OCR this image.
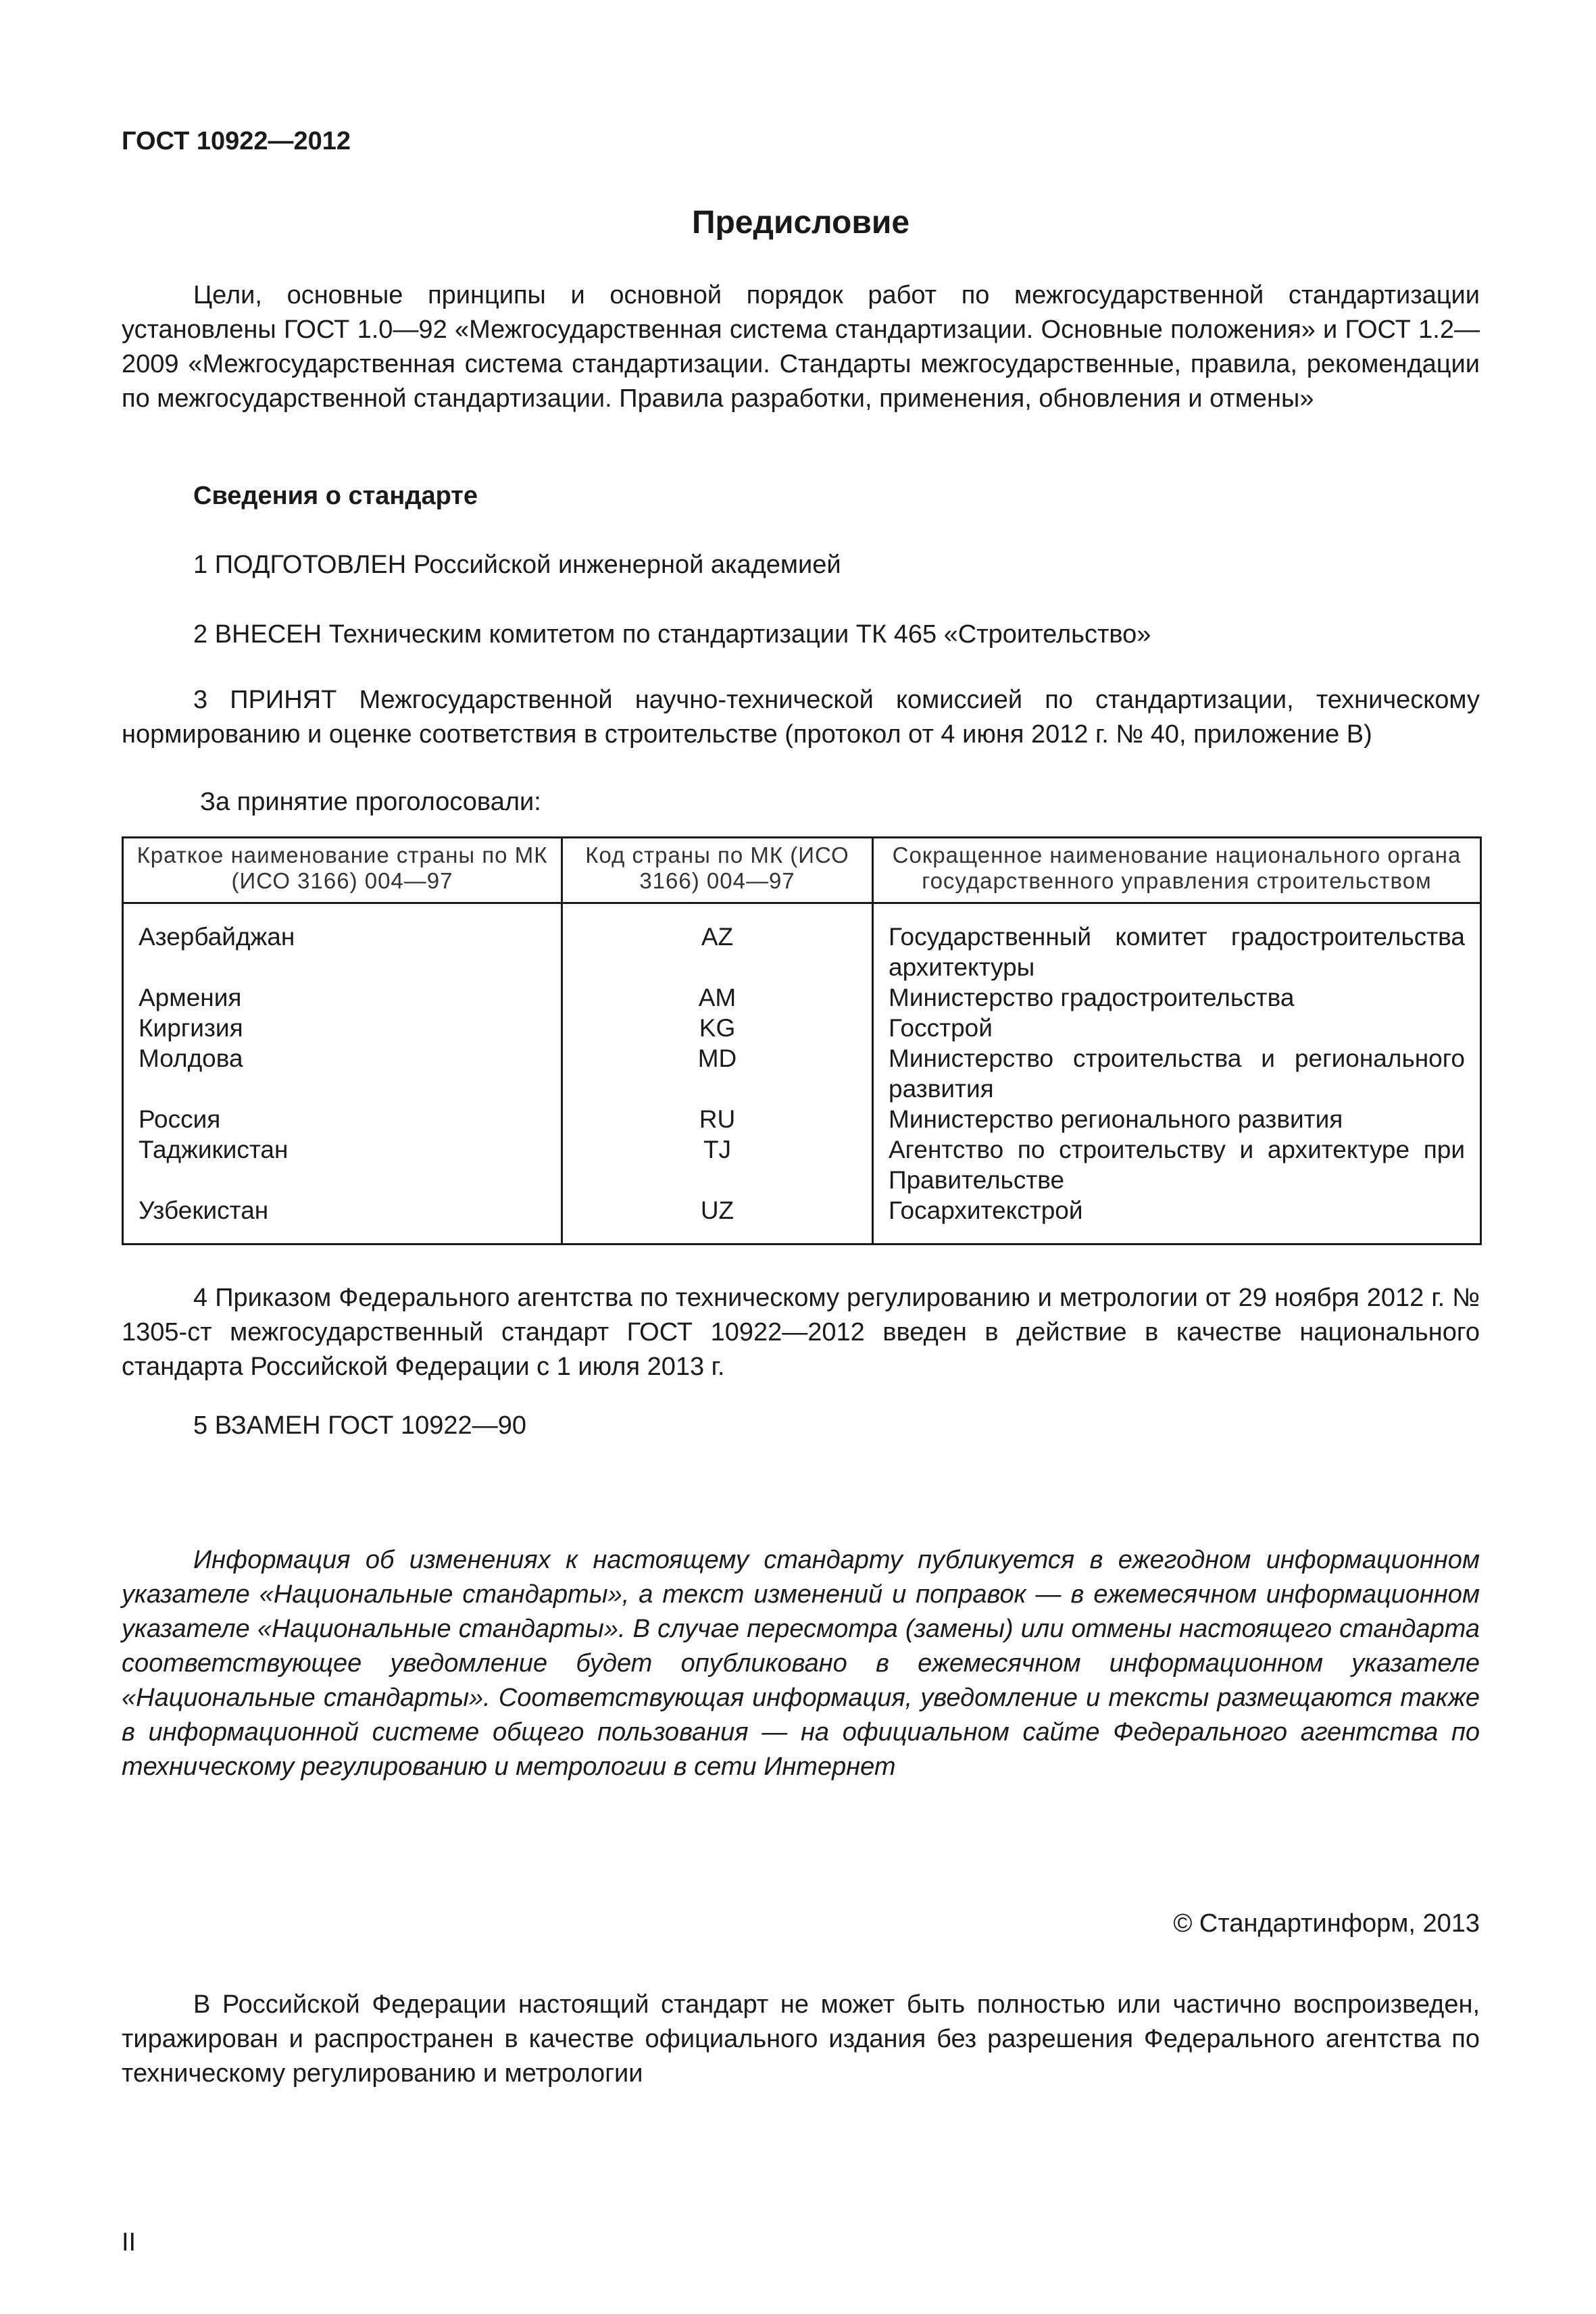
ГОСТ 10922—2012
Предисловие

Цели, основные принципы и основной порядок работ по межгосударственной стандартизации установлены ГОСТ 1.0—92 «Межгосударственная система стандартизации. Основные положения» и ГОСТ 1.2—2009 «Межгосударственная система стандартизации. Стандарты межгосударственные, правила, рекомендации по межгосударственной стандартизации. Правила разработки, применения, обновления и отмены»

Сведения о стандарте
1 ПОДГОТОВЛЕН Российской инженерной академией
2 ВНЕСЕН Техническим комитетом по стандартизации ТК 465 «Строительство»

3 ПРИНЯТ Межгосударственной научно-технической комиссией по стандартизации, техническому нормированию и оценке соответствия в строительстве (протокол от 4 июня 2012 г. № 40, приложение В)

За принятие проголосовали:
Краткое наименование страны по МК (ИСО 3166) 004—97	Код страны по МК (ИСО 3166) 004—97	Сокращенное наименование национального органа государственного управления строительством
Азербайджан	AZ	Государственный комитет градостроительства архитектуры
Армения	AM	Министерство градостроительства
Киргизия	KG	Госстрой
Молдова	MD	Министерство строительства и регионального развития
Россия	RU	Министерство регионального развития
Таджикистан	TJ	Агентство по строительству и архитектуре при Правительстве
Узбекистан	UZ	Госархитекстрой

4 Приказом Федерального агентства по техническому регулированию и метрологии от 29 ноября 2012 г. № 1305-ст межгосударственный стандарт ГОСТ 10922—2012 введен в действие в качестве национального стандарта Российской Федерации с 1 июля 2013 г.

5 ВЗАМЕН ГОСТ 10922—90

Информация об изменениях к настоящему стандарту публикуется в ежегодном информационном указателе «Национальные стандарты», а текст изменений и поправок — в ежемесячном информационном указателе «Национальные стандарты». В случае пересмотра (замены) или отмены настоящего стандарта соответствующее уведомление будет опубликовано в ежемесячном информационном указателе «Национальные стандарты». Соответствующая информация, уведомление и тексты размещаются также в информационной системе общего пользования — на официальном сайте Федерального агентства по техническому регулированию и метрологии в сети Интернет

© Стандартинформ, 2013

В Российской Федерации настоящий стандарт не может быть полностью или частично воспроизведен, тиражирован и распространен в качестве официального издания без разрешения Федерального агентства по техническому регулированию и метрологии

II
